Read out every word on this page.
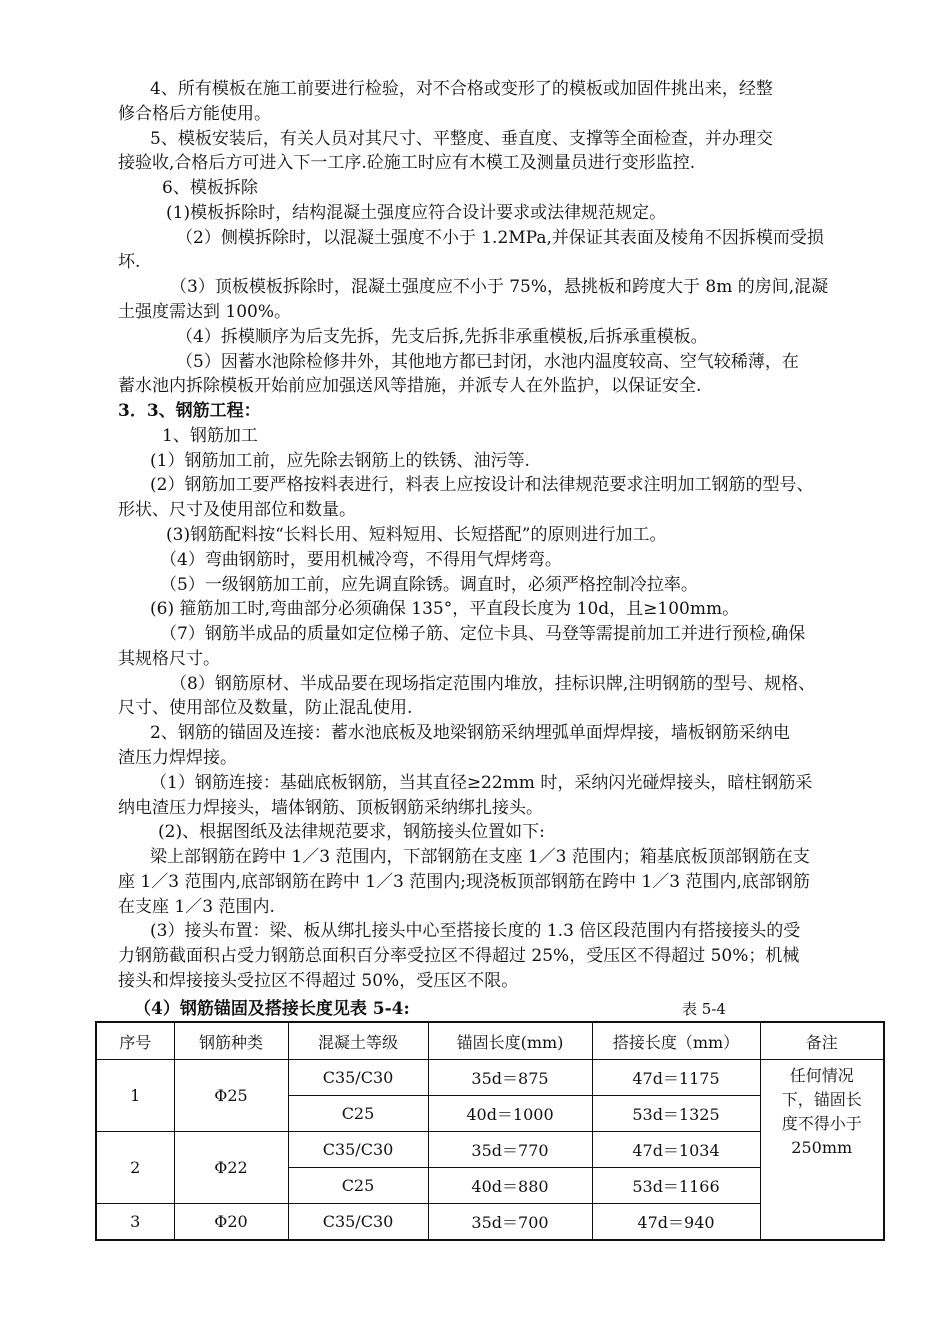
4、所有模板在施工前要进行检验，对不合格或变形了的模板或加固件挑出来，经整
修合格后方能使用。
5、模板安装后，有关人员对其尺寸、平整度、垂直度、支撑等全面检查，并办理交
接验收,合格后方可进入下一工序.砼施工时应有木模工及测量员进行变形监控.
6、模板拆除
(1)模板拆除时，结构混凝土强度应符合设计要求或法律规范规定。
（2）侧模拆除时，以混凝土强度不小于 1.2MPa,并保证其表面及棱角不因拆模而受损
坏.
（3）顶板模板拆除时，混凝土强度应不小于 75%，悬挑板和跨度大于 8m 的房间,混凝
土强度需达到 100%。
（4）拆模顺序为后支先拆，先支后拆,先拆非承重模板,后拆承重模板。
（5）因蓄水池除检修井外，其他地方都已封闭，水池内温度较高、空气较稀薄，在
蓄水池内拆除模板开始前应加强送风等措施，并派专人在外监护，以保证安全.
3．3、钢筋工程：
1、钢筋加工
(1）钢筋加工前，应先除去钢筋上的铁锈、油污等.
(2）钢筋加工要严格按料表进行，料表上应按设计和法律规范要求注明加工钢筋的型号、
形状、尺寸及使用部位和数量。
(3)钢筋配料按“长料长用、短料短用、长短搭配”的原则进行加工。
（4）弯曲钢筋时，要用机械冷弯，不得用气焊烤弯。
（5）一级钢筋加工前，应先调直除锈。调直时，必须严格控制冷拉率。
(6) 箍筋加工时,弯曲部分必须确保 135°，平直段长度为 10d，且≥100mm。
（7）钢筋半成品的质量如定位梯子筋、定位卡具、马登等需提前加工并进行预检,确保
其规格尺寸。
（8）钢筋原材、半成品要在现场指定范围内堆放，挂标识牌,注明钢筋的型号、规格、
尺寸、使用部位及数量，防止混乱使用.
2、钢筋的锚固及连接：蓄水池底板及地梁钢筋采纳埋弧单面焊焊接，墙板钢筋采纳电
渣压力焊焊接。
（1）钢筋连接：基础底板钢筋，当其直径≥22mm 时，采纳闪光碰焊接头，暗柱钢筋采
纳电渣压力焊接头，墙体钢筋、顶板钢筋采纳绑扎接头。
(2)、根据图纸及法律规范要求，钢筋接头位置如下:
梁上部钢筋在跨中 1／3 范围内，下部钢筋在支座 1／3 范围内；箱基底板顶部钢筋在支
座 1／3 范围内,底部钢筋在跨中 1／3 范围内;现浇板顶部钢筋在跨中 1／3 范围内,底部钢筋
在支座 1／3 范围内.
(3）接头布置：梁、板从绑扎接头中心至搭接长度的 1.3 倍区段范围内有搭接接头的受
力钢筋截面积占受力钢筋总面积百分率受拉区不得超过 25%，受压区不得超过 50%；机械
接头和焊接接头受拉区不得超过 50%，受压区不限。
（4）钢筋锚固及搭接长度见表 5-4:	表 5-4
序号	钢筋种类	混凝土等级	锚固长度(mm)	搭接长度（mm）	备注
1	Φ25	C35/C30	35d＝875	47d＝1175	任何情况
下，锚固长
度不得小于
250mm

		C25	40d＝1000	53d＝1325	
2	Φ22	C35/C30	35d＝770	47d＝1034	
		C25	40d＝880	53d＝1166	
3	Φ20	C35/C30	35d＝700	47d＝940	
